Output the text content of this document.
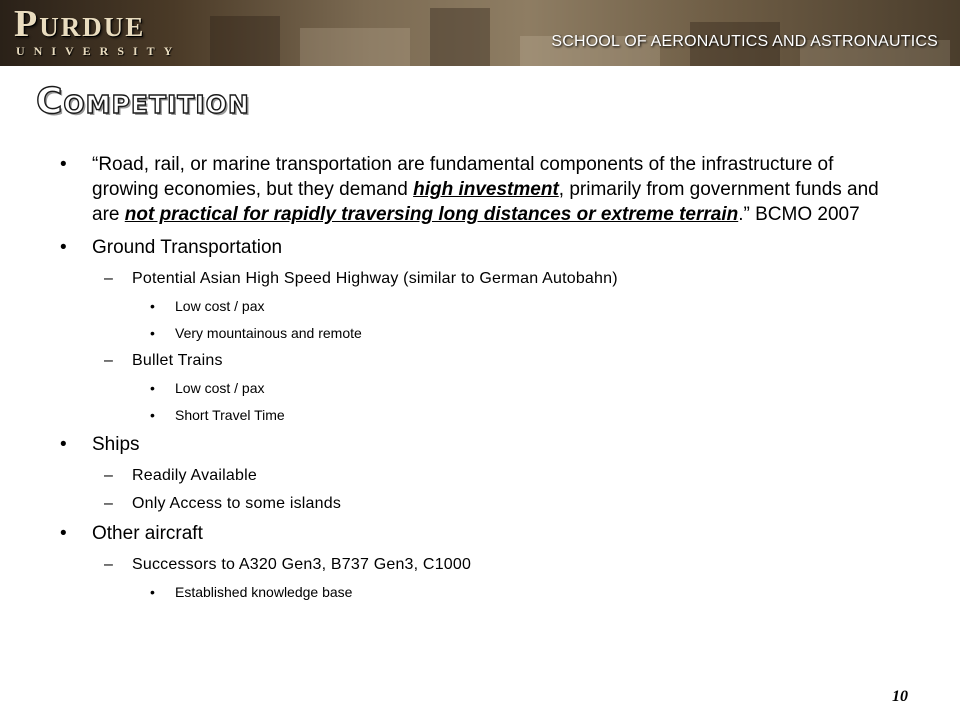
Purdue
UNIVERSITY
SCHOOL OF AERONAUTICS AND ASTRONAUTICS
Competition
• “Road, rail, or marine transportation are fundamental components of the infrastructure of growing economies, but they demand high investment, primarily from government funds and are not practical for rapidly traversing long distances or extreme terrain.” BCMO 2007
• Ground Transportation
– Potential Asian High Speed Highway (similar to German Autobahn)
• Low cost / pax
• Very mountainous and remote
– Bullet Trains
• Low cost / pax
• Short Travel Time
• Ships
– Readily Available
– Only Access to some islands
• Other aircraft
– Successors to A320 Gen3, B737 Gen3, C1000
• Established knowledge base
10
